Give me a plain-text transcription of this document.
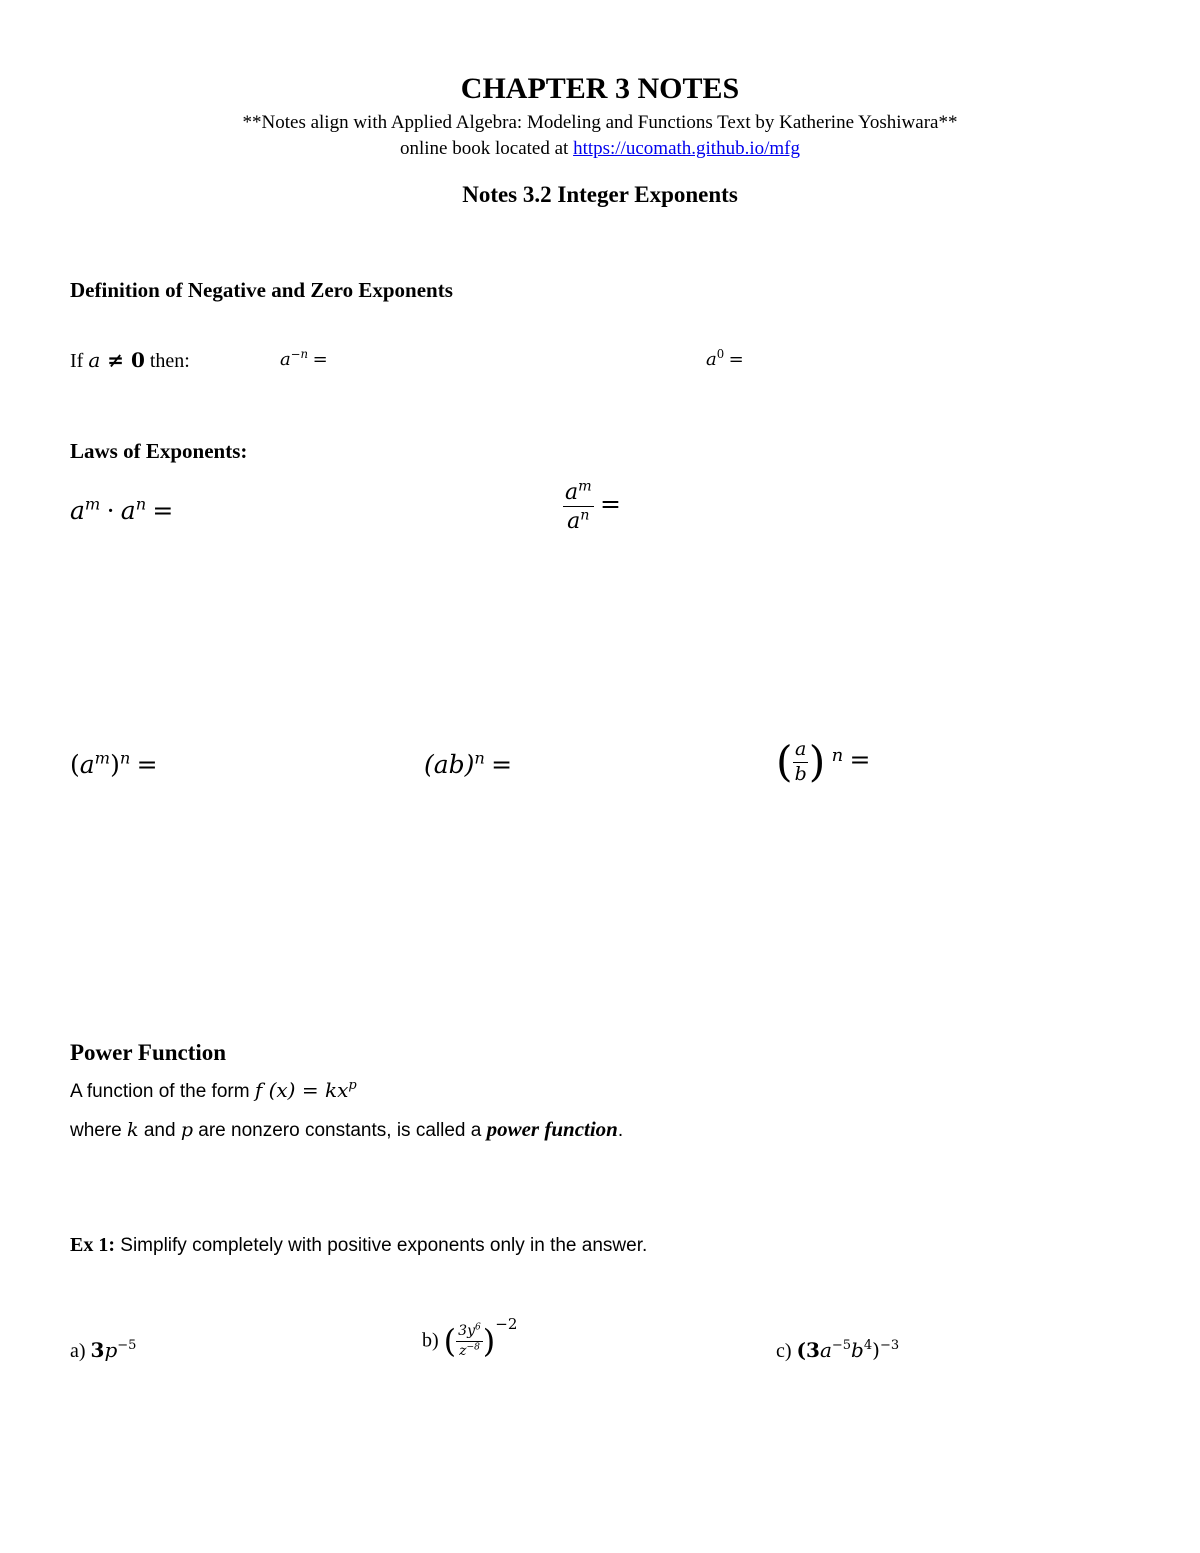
CHAPTER 3 NOTES
**Notes align with Applied Algebra: Modeling and Functions Text by Katherine Yoshiwara**
online book located at https://ucomath.github.io/mfg
Notes 3.2 Integer Exponents
Definition of Negative and Zero Exponents
If a ≠ 0 then:	$a^{-n}$ =	$a^0$ =
Laws of Exponents:
$a^m \cdot a^n$ =	$\frac{a^m}{a^n}$ =
$(a^m)^n$ =	(ab)$^n$ =	( $\frac{a}{b}$ ) $^n$ =
Power Function
A function of the form f $(x) = kx^p$
where k and p are nonzero constants, is called a power function.
Ex 1: Simplify completely with positive exponents only in the answer.
a) $3p^{-5}$	b) ( $\frac{3y^6}{z^{-8}} )^{-2}$
c) $(3a^{-5}b^4)^{-3}$
